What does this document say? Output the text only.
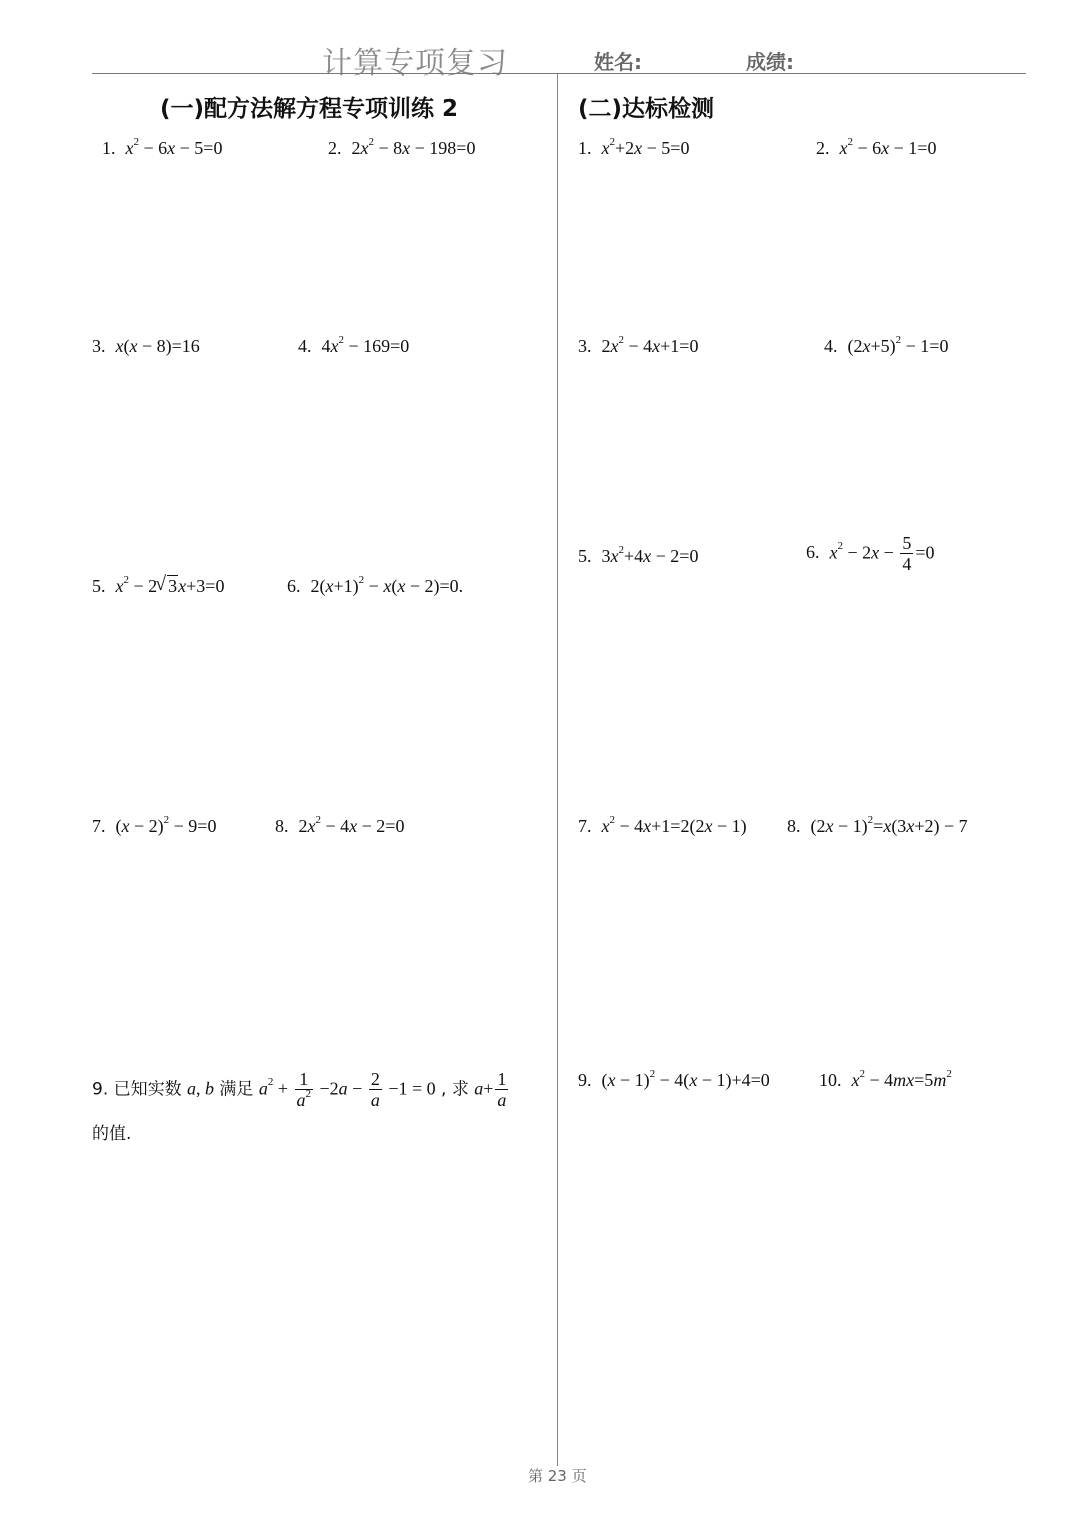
计算专项复习	姓名:	成绩:
(一)配方法解方程专项训练 2	(二)达标检测
1. $x^2 - 6x - 5=0$	2. $2x^2 - 8x - 198=0$
3. x(x − 8)=16	4. $4x^2 - 169=0$
5. $x^2 - 2√$ 3x+3=0	6. $2(x+1)^2 - x(x - 2)=0$.
7. $(x - 2)^2 - 9=0$	8. $2x^2 - 4x - 2=0$
9. 已知实数 a, b 满足 $a^2 + \frac{1}{a^2} -2a - \frac{2}{a} -1 = 0$ , 求 $a+ \frac{1}{a}$
的值.
1. $x^2+2x - 5=0$	2. $x^2 - 6x - 1=0$
3. $2x^2 - 4x+1=0$	4. $(2x+5)^2 - 1=0$
5. $3x^2+4x - 2=0$	6. $x^2 - 2x - \frac{5}{4} =0$
7. $x^2 - 4x+1=2(2x - 1)$ 8. $(2x - 1)^2=x(3x+2) - 7$
9. $(x - 1)^2 - 4(x - 1)+4=0$	10. $x^2 - 4mx=5m^2$
第 23 页
